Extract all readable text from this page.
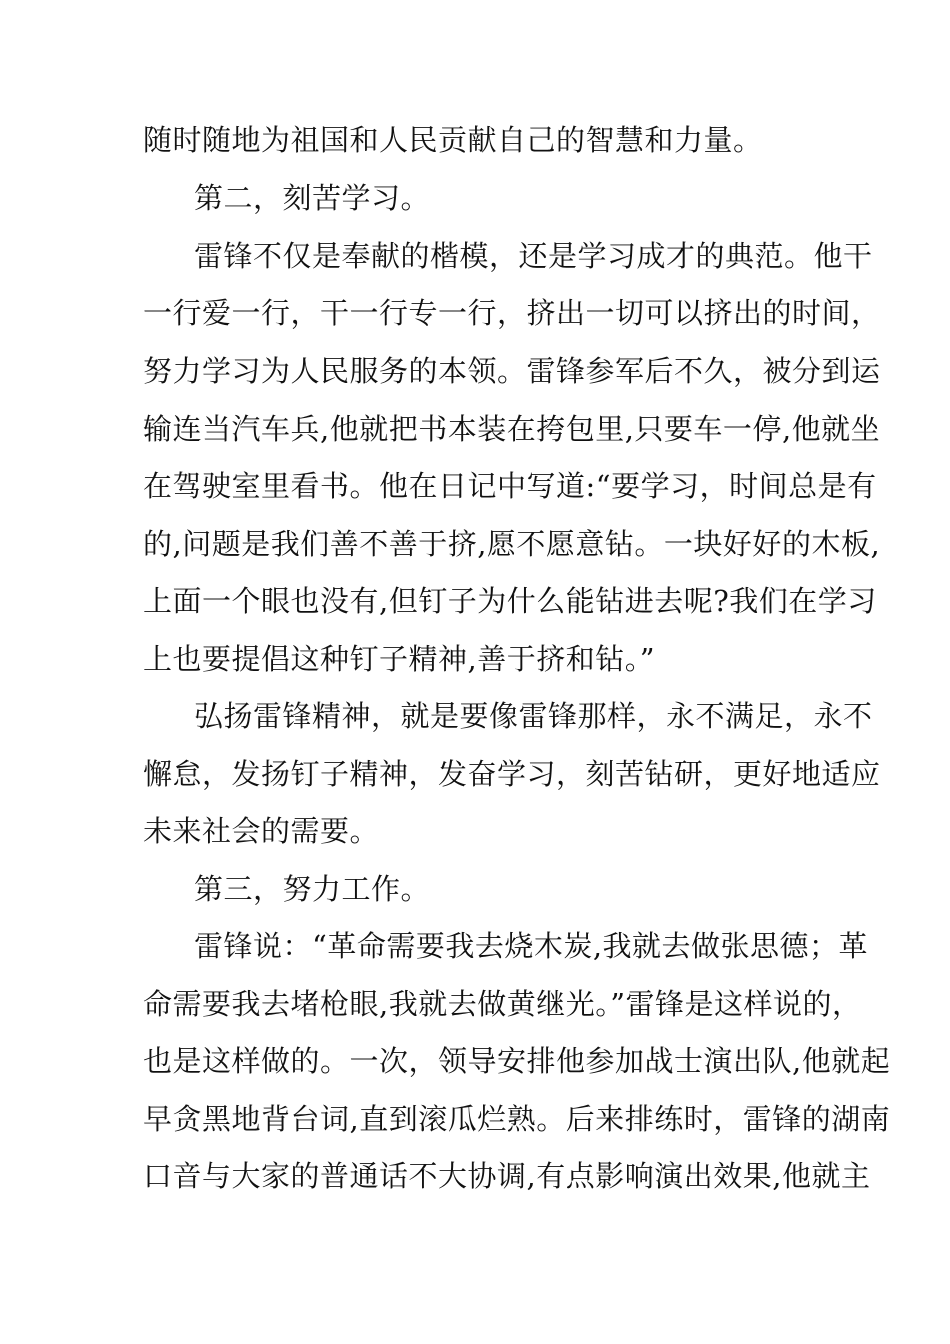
随时随地为祖国和人民贡献自己的智慧和力量。
第二，刻苦学习。
雷锋不仅是奉献的楷模，还是学习成才的典范。他干
一行爱一行，干一行专一行，挤出一切可以挤出的时间，
努力学习为人民服务的本领。雷锋参军后不久，被分到运
输连当汽车兵,他就把书本装在挎包里,只要车一停,他就坐
在驾驶室里看书。他在日记中写道:“要学习，时间总是有
的,问题是我们善不善于挤,愿不愿意钻。一块好好的木板,
上面一个眼也没有,但钉子为什么能钻进去呢?我们在学习
上也要提倡这种钉子精神,善于挤和钻。”
弘扬雷锋精神，就是要像雷锋那样，永不满足，永不
懈怠，发扬钉子精神，发奋学习，刻苦钻研，更好地适应
未来社会的需要。
第三，努力工作。
雷锋说：“革命需要我去烧木炭,我就去做张思德；革
命需要我去堵枪眼,我就去做黄继光。”雷锋是这样说的，
也是这样做的。一次，领导安排他参加战士演出队,他就起
早贪黑地背台词,直到滚瓜烂熟。后来排练时，雷锋的湖南
口音与大家的普通话不大协调,有点影响演出效果,他就主
